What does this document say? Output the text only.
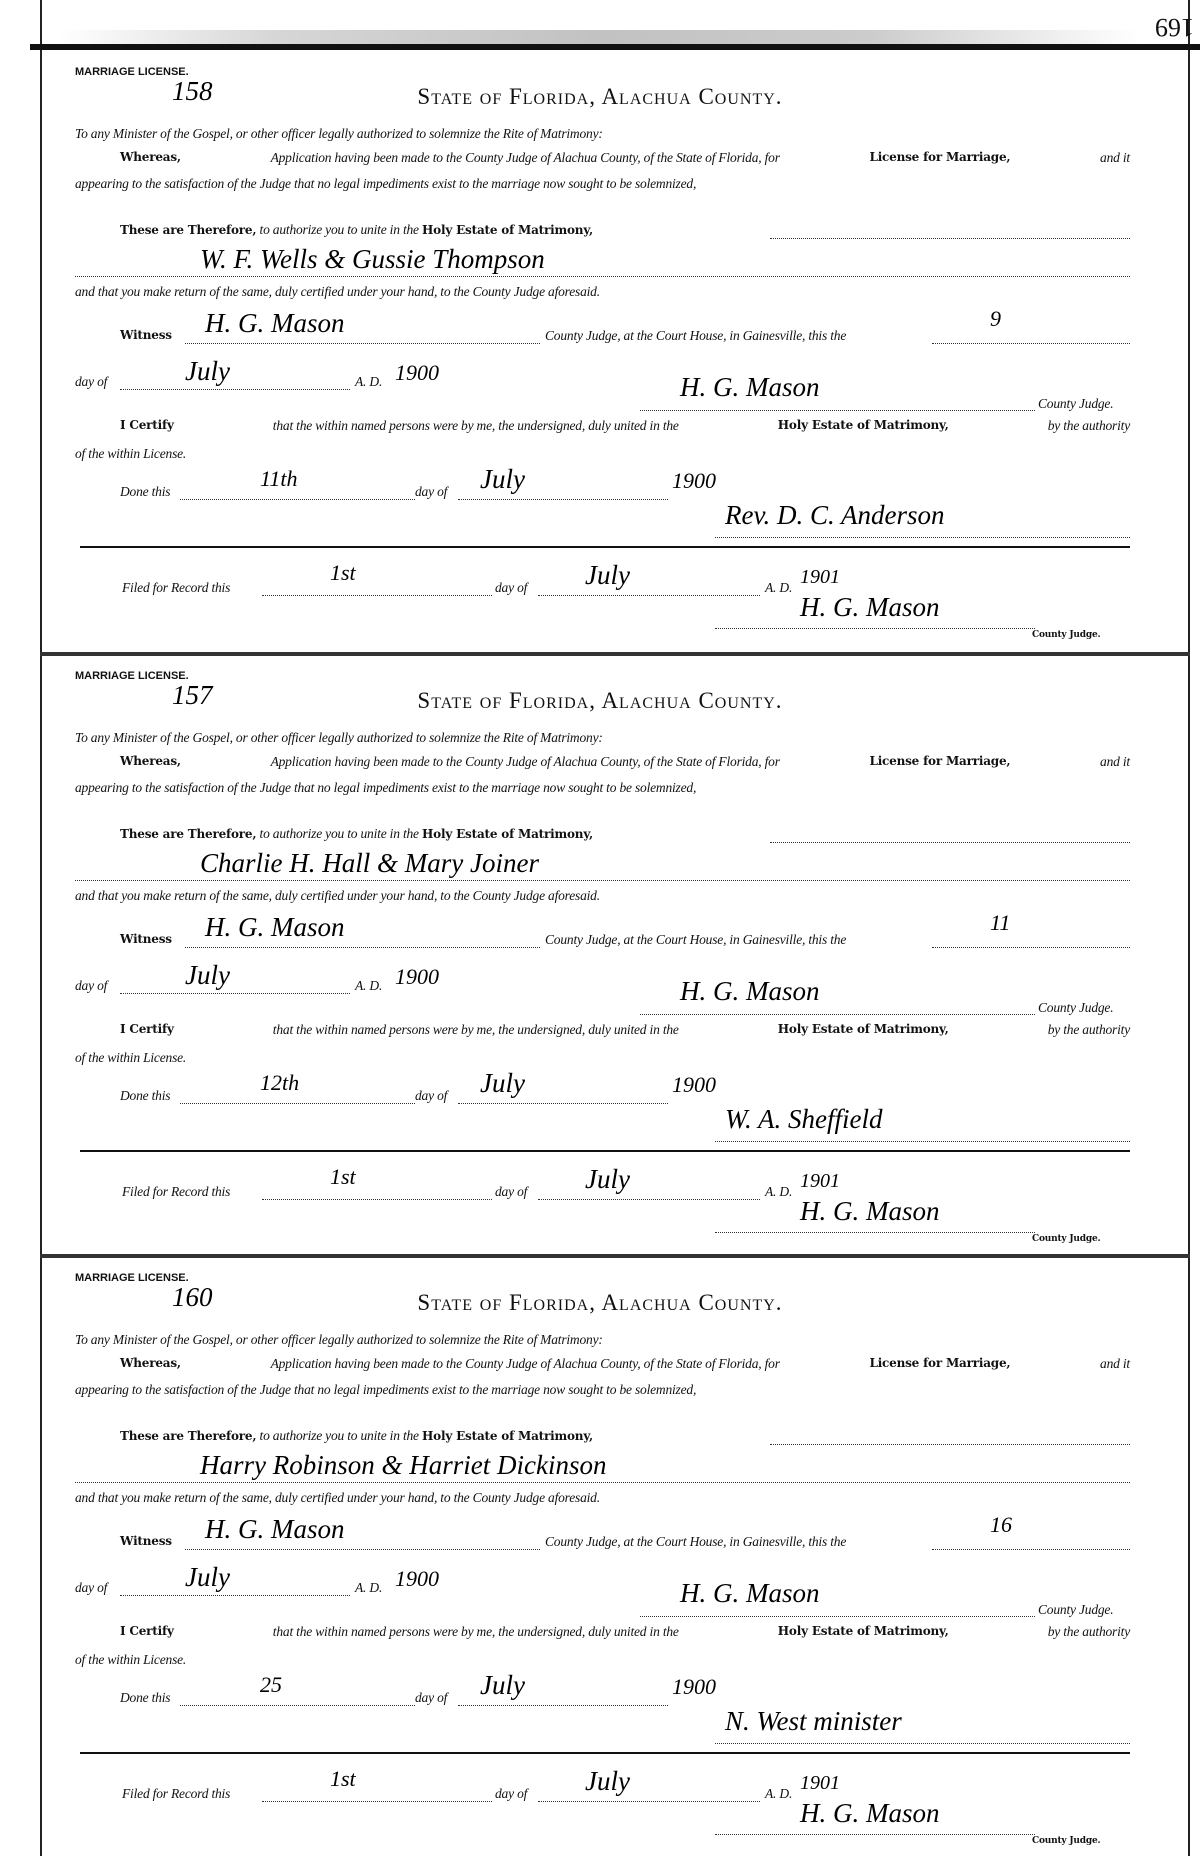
169
MARRIAGE LICENSE.
158	State of Florida, Alachua County.
To any Minister of the Gospel, or other officer legally authorized to solemnize the Rite of Matrimony:
Whereas,	Application having been made to the County Judge of Alachua County, of the State of Florida, for	License for Marriage,	and it
appearing to the satisfaction of the Judge that no legal impediments exist to the marriage now sought to be solemnized,
These are Therefore, to authorize you to unite in the Holy Estate of Matrimony,
W. F. Wells & Gussie Thompson
and that you make return of the same, duly certified under your hand, to the County Judge aforesaid.
Witness H. G. Mason	County Judge, at the Court House, in Gainesville, this the
9
day of	July	A. D. 1900	H. G. Mason
County Judge.
I Certify	that the within named persons were by me, the undersigned, duly united in the	Holy Estate of Matrimony,	by the authority
of the within License.
Done this
11th
day of July	1900
Rev. D. C. Anderson
Filed for Record this
1st
day of July	A. D. 1901
H. G. Mason
County Judge.
MARRIAGE LICENSE.
157	State of Florida, Alachua County.
To any Minister of the Gospel, or other officer legally authorized to solemnize the Rite of Matrimony:
Whereas,	Application having been made to the County Judge of Alachua County, of the State of Florida, for	License for Marriage,	and it
appearing to the satisfaction of the Judge that no legal impediments exist to the marriage now sought to be solemnized,
These are Therefore, to authorize you to unite in the Holy Estate of Matrimony,
Charlie H. Hall & Mary Joiner
and that you make return of the same, duly certified under your hand, to the County Judge aforesaid.
Witness H. G. Mason	County Judge, at the Court House, in Gainesville, this the
11
day of	July	A. D. 1900	H. G. Mason
County Judge.
I Certify	that the within named persons were by me, the undersigned, duly united in the	Holy Estate of Matrimony,	by the authority
of the within License.
Done this
12th
day of July	1900
W. A. Sheffield
Filed for Record this
1st
day of July	A. D. 1901
H. G. Mason
County Judge.
MARRIAGE LICENSE.
160	State of Florida, Alachua County.
To any Minister of the Gospel, or other officer legally authorized to solemnize the Rite of Matrimony:
Whereas,	Application having been made to the County Judge of Alachua County, of the State of Florida, for	License for Marriage,	and it
appearing to the satisfaction of the Judge that no legal impediments exist to the marriage now sought to be solemnized,
These are Therefore, to authorize you to unite in the Holy Estate of Matrimony,
Harry Robinson & Harriet Dickinson
and that you make return of the same, duly certified under your hand, to the County Judge aforesaid.
Witness H. G. Mason	County Judge, at the Court House, in Gainesville, this the
16
day of	July	A. D. 1900	H. G. Mason
County Judge.
I Certify	that the within named persons were by me, the undersigned, duly united in the	Holy Estate of Matrimony,	by the authority
of the within License.
Done this
25
day of July	1900
N. West minister
Filed for Record this
1st
day of July	A. D. 1901
H. G. Mason
County Judge.
